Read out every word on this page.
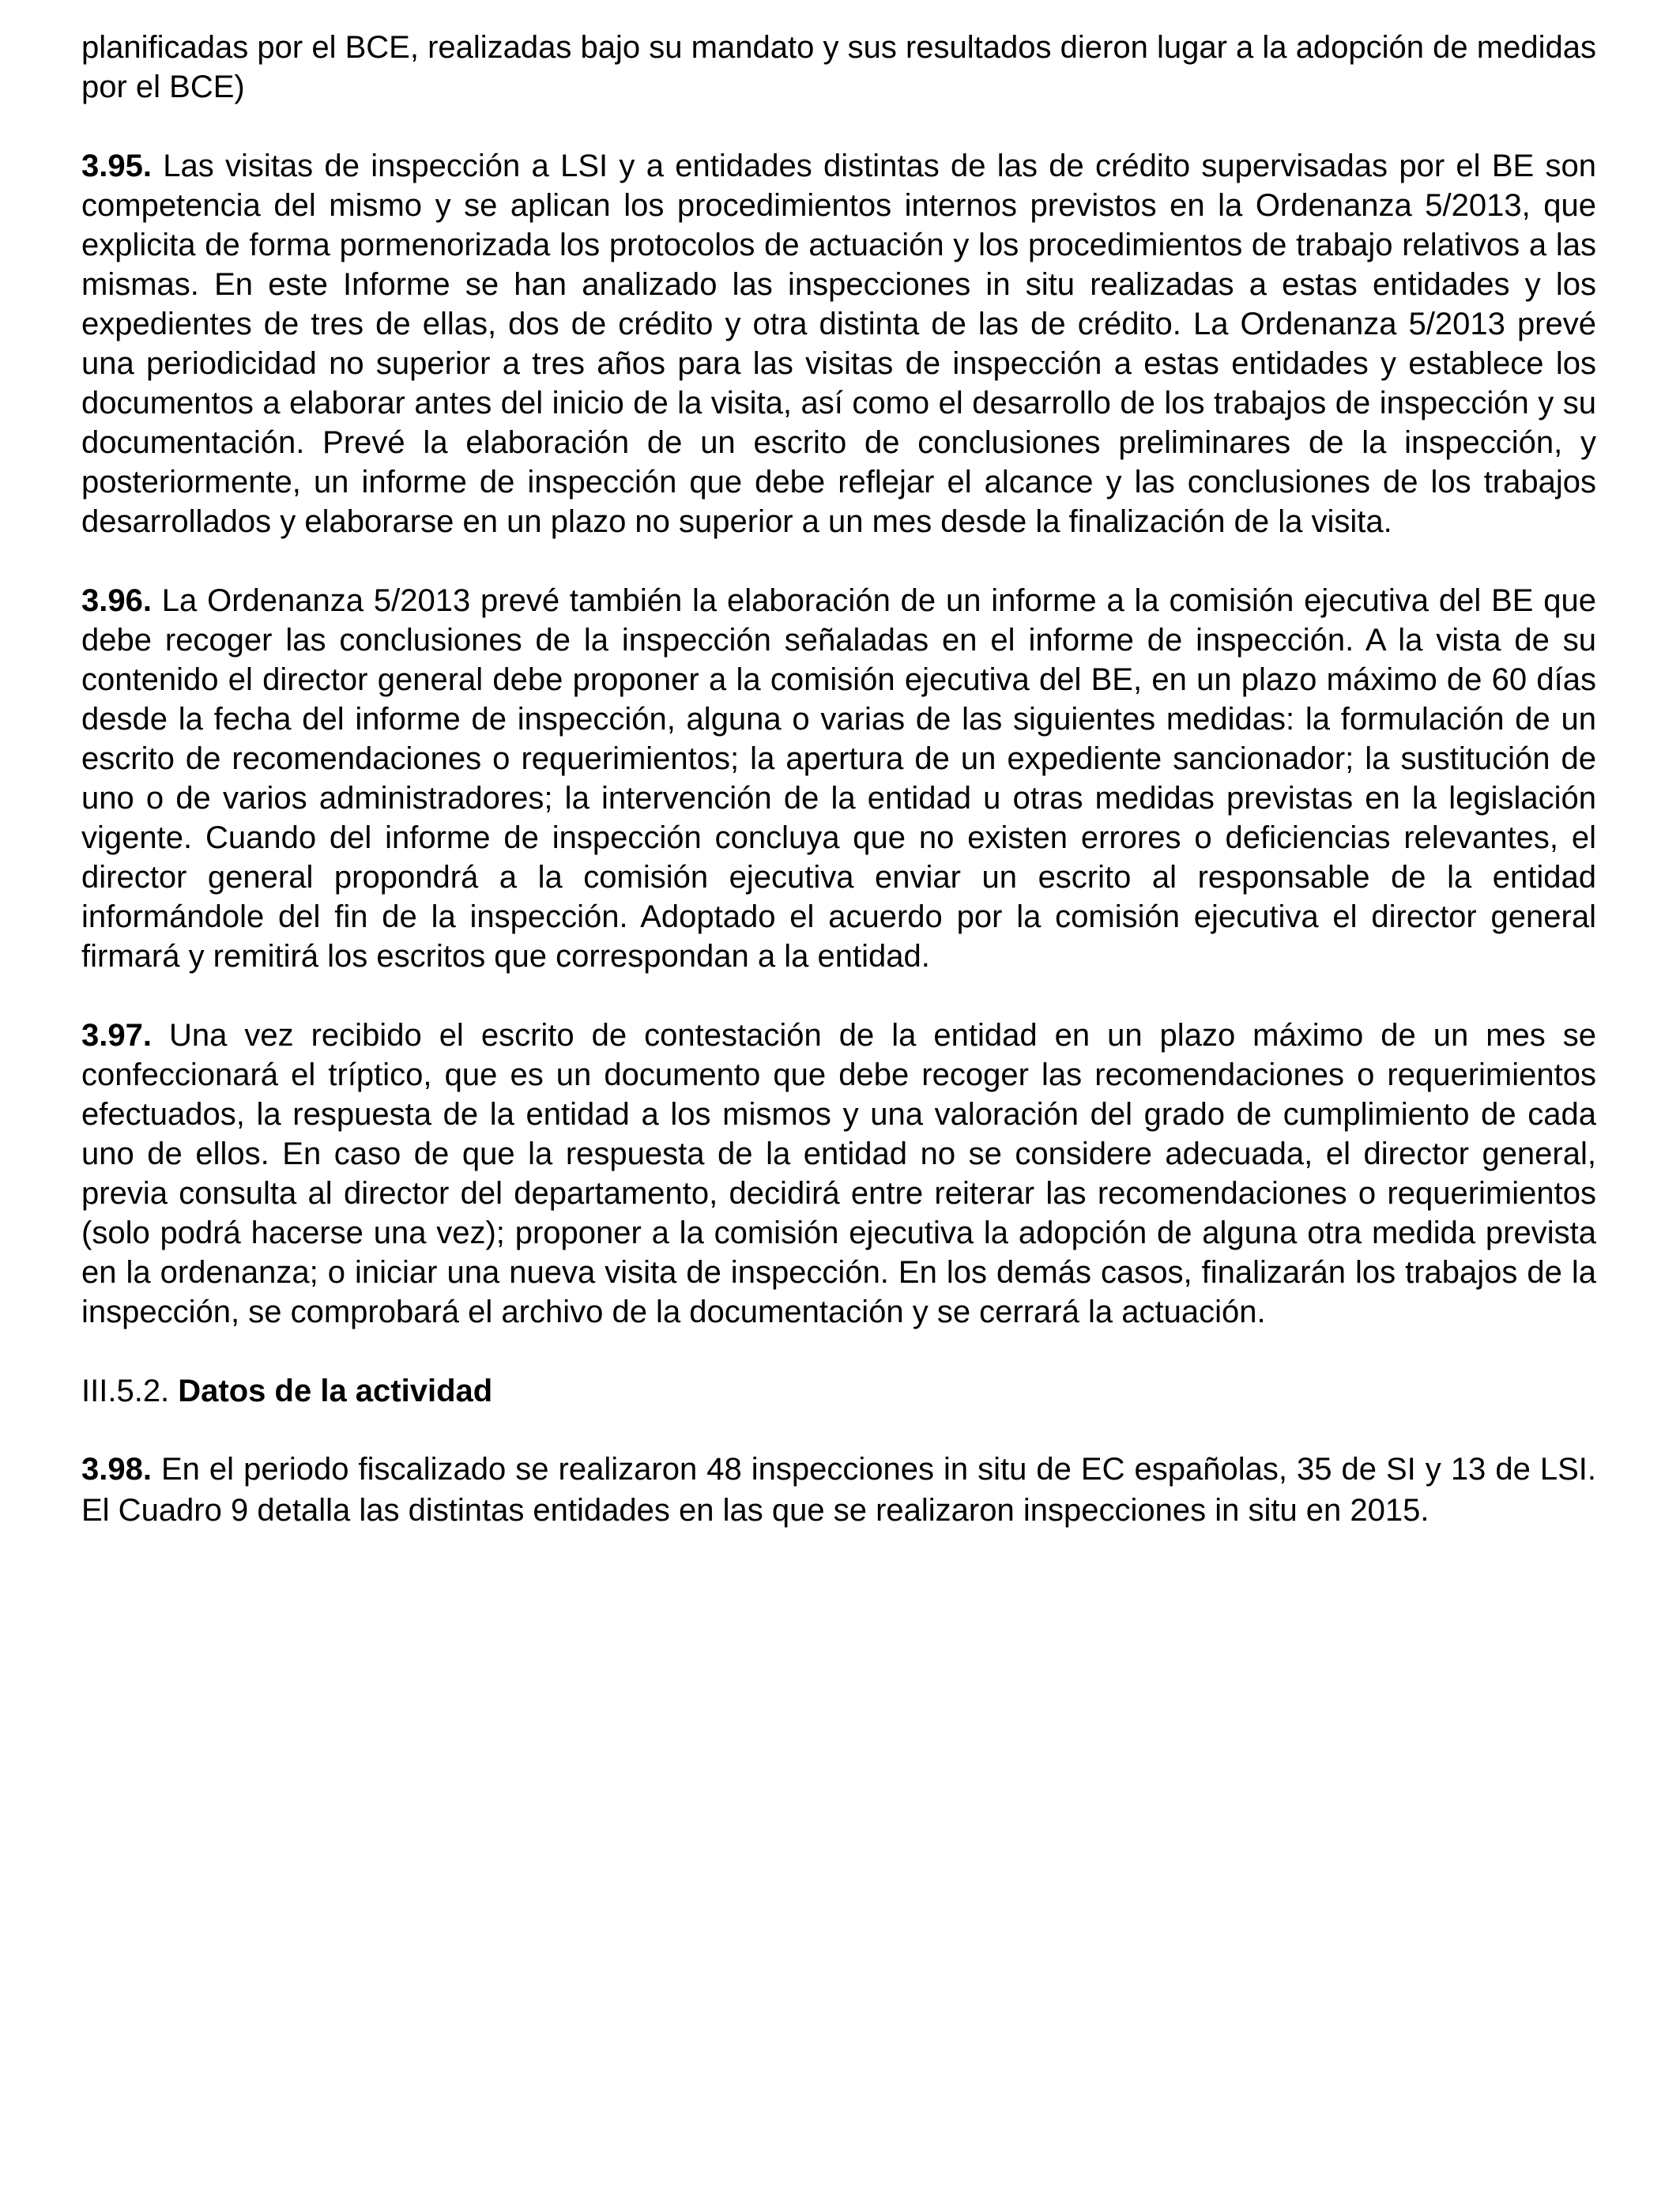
planificadas por el BCE, realizadas bajo su mandato y sus resultados dieron lugar a la adopción de medidas por el BCE)

3.95. Las visitas de inspección a LSI y a entidades distintas de las de crédito supervisadas por el BE son competencia del mismo y se aplican los procedimientos internos previstos en la Ordenanza 5/2013, que explicita de forma pormenorizada los protocolos de actuación y los procedimientos de trabajo relativos a las mismas. En este Informe se han analizado las inspecciones in situ realizadas a estas entidades y los expedientes de tres de ellas, dos de crédito y otra distinta de las de crédito. La Ordenanza 5/2013 prevé una periodicidad no superior a tres años para las visitas de inspección a estas entidades y establece los documentos a elaborar antes del inicio de la visita, así como el desarrollo de los trabajos de inspección y su documentación. Prevé la elaboración de un escrito de conclusiones preliminares de la inspección, y posteriormente, un informe de inspección que debe reflejar el alcance y las conclusiones de los trabajos desarrollados y elaborarse en un plazo no superior a un mes desde la finalización de la visita.

3.96. La Ordenanza 5/2013 prevé también la elaboración de un informe a la comisión ejecutiva del BE que debe recoger las conclusiones de la inspección señaladas en el informe de inspección. A la vista de su contenido el director general debe proponer a la comisión ejecutiva del BE, en un plazo máximo de 60 días desde la fecha del informe de inspección, alguna o varias de las siguientes medidas: la formulación de un escrito de recomendaciones o requerimientos; la apertura de un expediente sancionador; la sustitución de uno o de varios administradores; la intervención de la entidad u otras medidas previstas en la legislación vigente. Cuando del informe de inspección concluya que no existen errores o deficiencias relevantes, el director general propondrá a la comisión ejecutiva enviar un escrito al responsable de la entidad informándole del fin de la inspección. Adoptado el acuerdo por la comisión ejecutiva el director general firmará y remitirá los escritos que correspondan a la entidad.

3.97. Una vez recibido el escrito de contestación de la entidad en un plazo máximo de un mes se confeccionará el tríptico, que es un documento que debe recoger las recomendaciones o requerimientos efectuados, la respuesta de la entidad a los mismos y una valoración del grado de cumplimiento de cada uno de ellos. En caso de que la respuesta de la entidad no se considere adecuada, el director general, previa consulta al director del departamento, decidirá entre reiterar las recomendaciones o requerimientos (solo podrá hacerse una vez); proponer a la comisión ejecutiva la adopción de alguna otra medida prevista en la ordenanza; o iniciar una nueva visita de inspección. En los demás casos, finalizarán los trabajos de la inspección, se comprobará el archivo de la documentación y se cerrará la actuación.

III.5.2. Datos de la actividad

3.98. En el periodo fiscalizado se realizaron 48 inspecciones in situ de EC españolas, 35 de SI y 13 de LSI. El Cuadro 9 detalla las distintas entidades en las que se realizaron inspecciones in situ en 2015.
